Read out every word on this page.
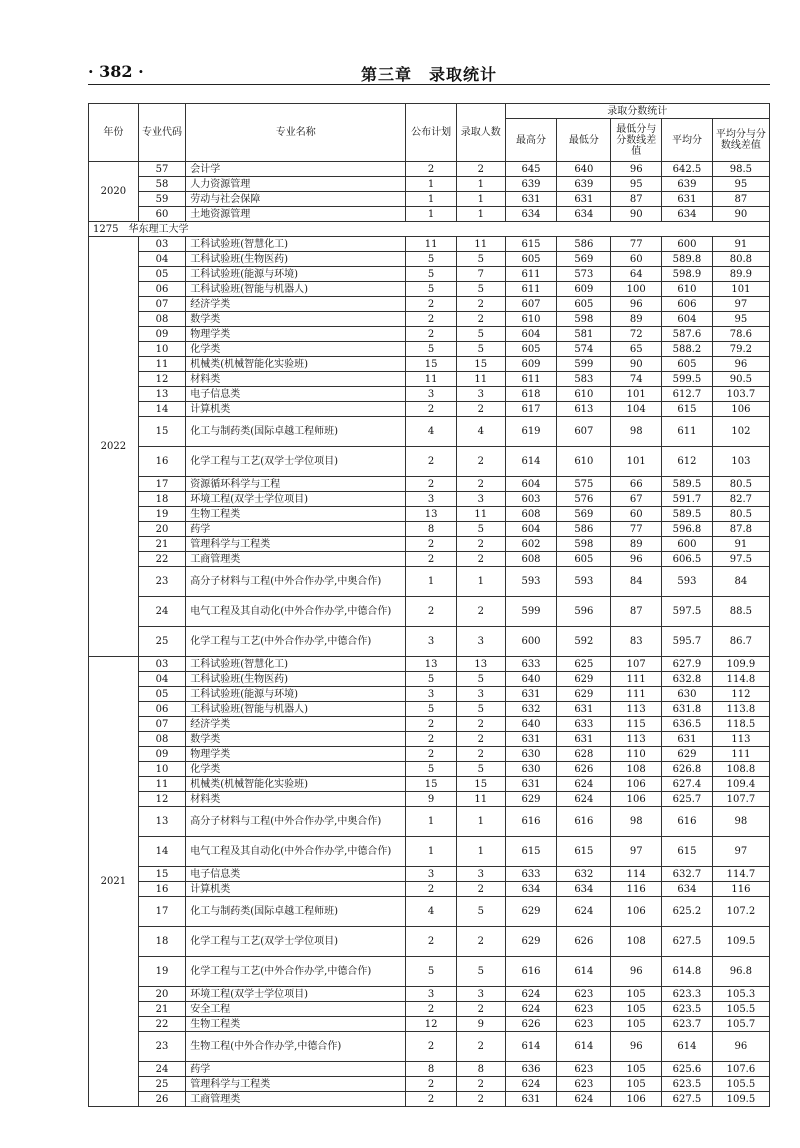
· 382 ·	第三章　录取统计
年份	专业代码	专业名称	公布计划	录取人数	录取分数统计				
					最高分	最低分	最低分与分数线差值	平均分	平均分与分数线差值
2020	57	会计学	2	2	645	640	96	642.5	98.5
	58	人力资源管理	1	1	639	639	95	639	95
	59	劳动与社会保障	1	1	631	631	87	631	87
	60	土地资源管理	1	1	634	634	90	634	90
1275　华东理工大学									
2022	03	工科试验班(智慧化工)	11	11	615	586	77	600	91
	04	工科试验班(生物医药)	5	5	605	569	60	589.8	80.8
	05	工科试验班(能源与环境)	5	7	611	573	64	598.9	89.9
	06	工科试验班(智能与机器人)	5	5	611	609	100	610	101
	07	经济学类	2	2	607	605	96	606	97
	08	数学类	2	2	610	598	89	604	95
	09	物理学类	2	5	604	581	72	587.6	78.6
	10	化学类	5	5	605	574	65	588.2	79.2
	11	机械类(机械智能化实验班)	15	15	609	599	90	605	96
	12	材料类	11	11	611	583	74	599.5	90.5
	13	电子信息类	3	3	618	610	101	612.7	103.7
	14	计算机类	2	2	617	613	104	615	106
	15	化工与制药类(国际卓越工程师班)	4	4	619	607	98	611	102
	16	化学工程与工艺(双学士学位项目)	2	2	614	610	101	612	103
	17	资源循环科学与工程	2	2	604	575	66	589.5	80.5
	18	环境工程(双学士学位项目)	3	3	603	576	67	591.7	82.7
	19	生物工程类	13	11	608	569	60	589.5	80.5
	20	药学	8	5	604	586	77	596.8	87.8
	21	管理科学与工程类	2	2	602	598	89	600	91
	22	工商管理类	2	2	608	605	96	606.5	97.5
	23	高分子材料与工程(中外合作办学,中奥合作)	1	1	593	593	84	593	84
	24	电气工程及其自动化(中外合作办学,中德合作)	2	2	599	596	87	597.5	88.5
	25	化学工程与工艺(中外合作办学,中德合作)	3	3	600	592	83	595.7	86.7
2021	03	工科试验班(智慧化工)	13	13	633	625	107	627.9	109.9
	04	工科试验班(生物医药)	5	5	640	629	111	632.8	114.8
	05	工科试验班(能源与环境)	3	3	631	629	111	630	112
	06	工科试验班(智能与机器人)	5	5	632	631	113	631.8	113.8
	07	经济学类	2	2	640	633	115	636.5	118.5
	08	数学类	2	2	631	631	113	631	113
	09	物理学类	2	2	630	628	110	629	111
	10	化学类	5	5	630	626	108	626.8	108.8
	11	机械类(机械智能化实验班)	15	15	631	624	106	627.4	109.4
	12	材料类	9	11	629	624	106	625.7	107.7
	13	高分子材料与工程(中外合作办学,中奥合作)	1	1	616	616	98	616	98
	14	电气工程及其自动化(中外合作办学,中德合作)	1	1	615	615	97	615	97
	15	电子信息类	3	3	633	632	114	632.7	114.7
	16	计算机类	2	2	634	634	116	634	116
	17	化工与制药类(国际卓越工程师班)	4	5	629	624	106	625.2	107.2
	18	化学工程与工艺(双学士学位项目)	2	2	629	626	108	627.5	109.5
	19	化学工程与工艺(中外合作办学,中德合作)	5	5	616	614	96	614.8	96.8
	20	环境工程(双学士学位项目)	3	3	624	623	105	623.3	105.3
	21	安全工程	2	2	624	623	105	623.5	105.5
	22	生物工程类	12	9	626	623	105	623.7	105.7
	23	生物工程(中外合作办学,中德合作)	2	2	614	614	96	614	96
	24	药学	8	8	636	623	105	625.6	107.6
	25	管理科学与工程类	2	2	624	623	105	623.5	105.5
	26	工商管理类	2	2	631	624	106	627.5	109.5
